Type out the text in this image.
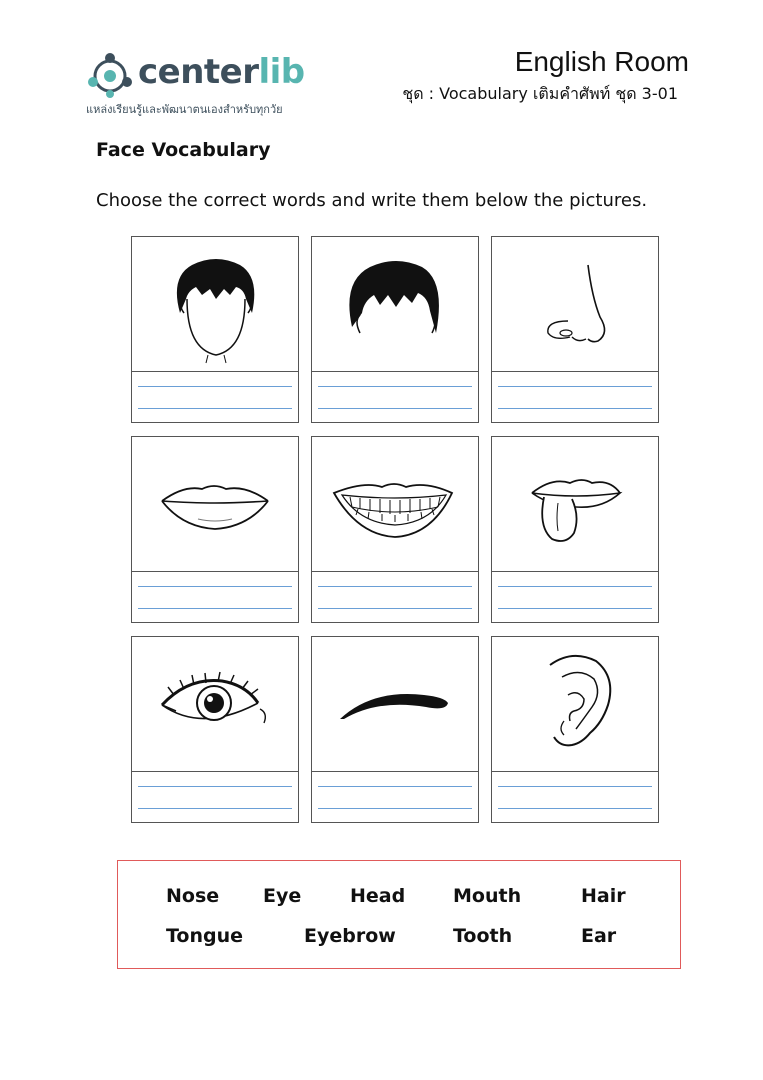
centerlib
แหล่งเรียนรู้และพัฒนาตนเองสำหรับทุกวัย
English Room
ชุด : Vocabulary เติมคำศัพท์ ชุด 3-01
Face Vocabulary
Choose the correct words and write them below the pictures.
Nose Eye	Head	Mouth	Hair
Tongue	Eyebrow	Tooth	Ear
